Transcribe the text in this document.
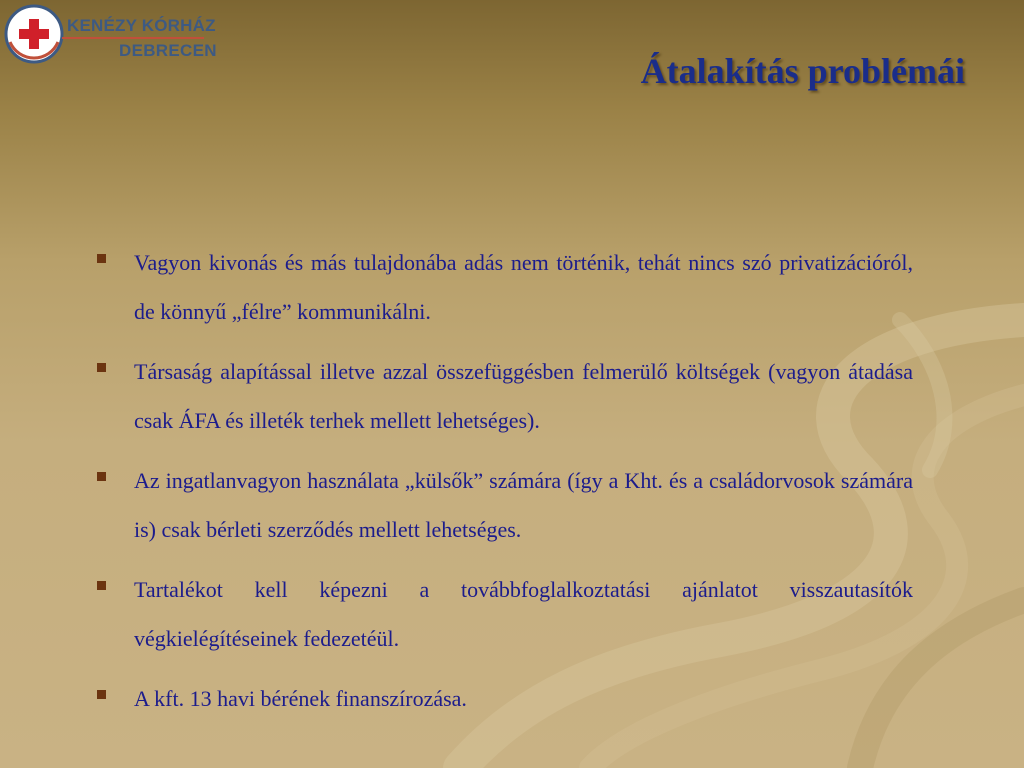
KENÉZY KÓRHÁZ
DEBRECEN
Átalakítás problémái
Vagyon kivonás és más tulajdonába adás nem történik, tehát nincs szó privatizációról, de könnyű „félre” kommunikálni.
Társaság alapítással illetve azzal összefüggésben felmerülő költségek (vagyon átadása csak ÁFA és illeték terhek mellett lehetséges).
Az ingatlanvagyon használata „külsők” számára (így a Kht. és a családorvosok számára is) csak bérleti szerződés mellett lehetséges.
Tartalékot kell képezni a továbbfoglalkoztatási ajánlatot visszautasítók végkielégítéseinek fedezetéül.
A kft. 13 havi bérének finanszírozása.
